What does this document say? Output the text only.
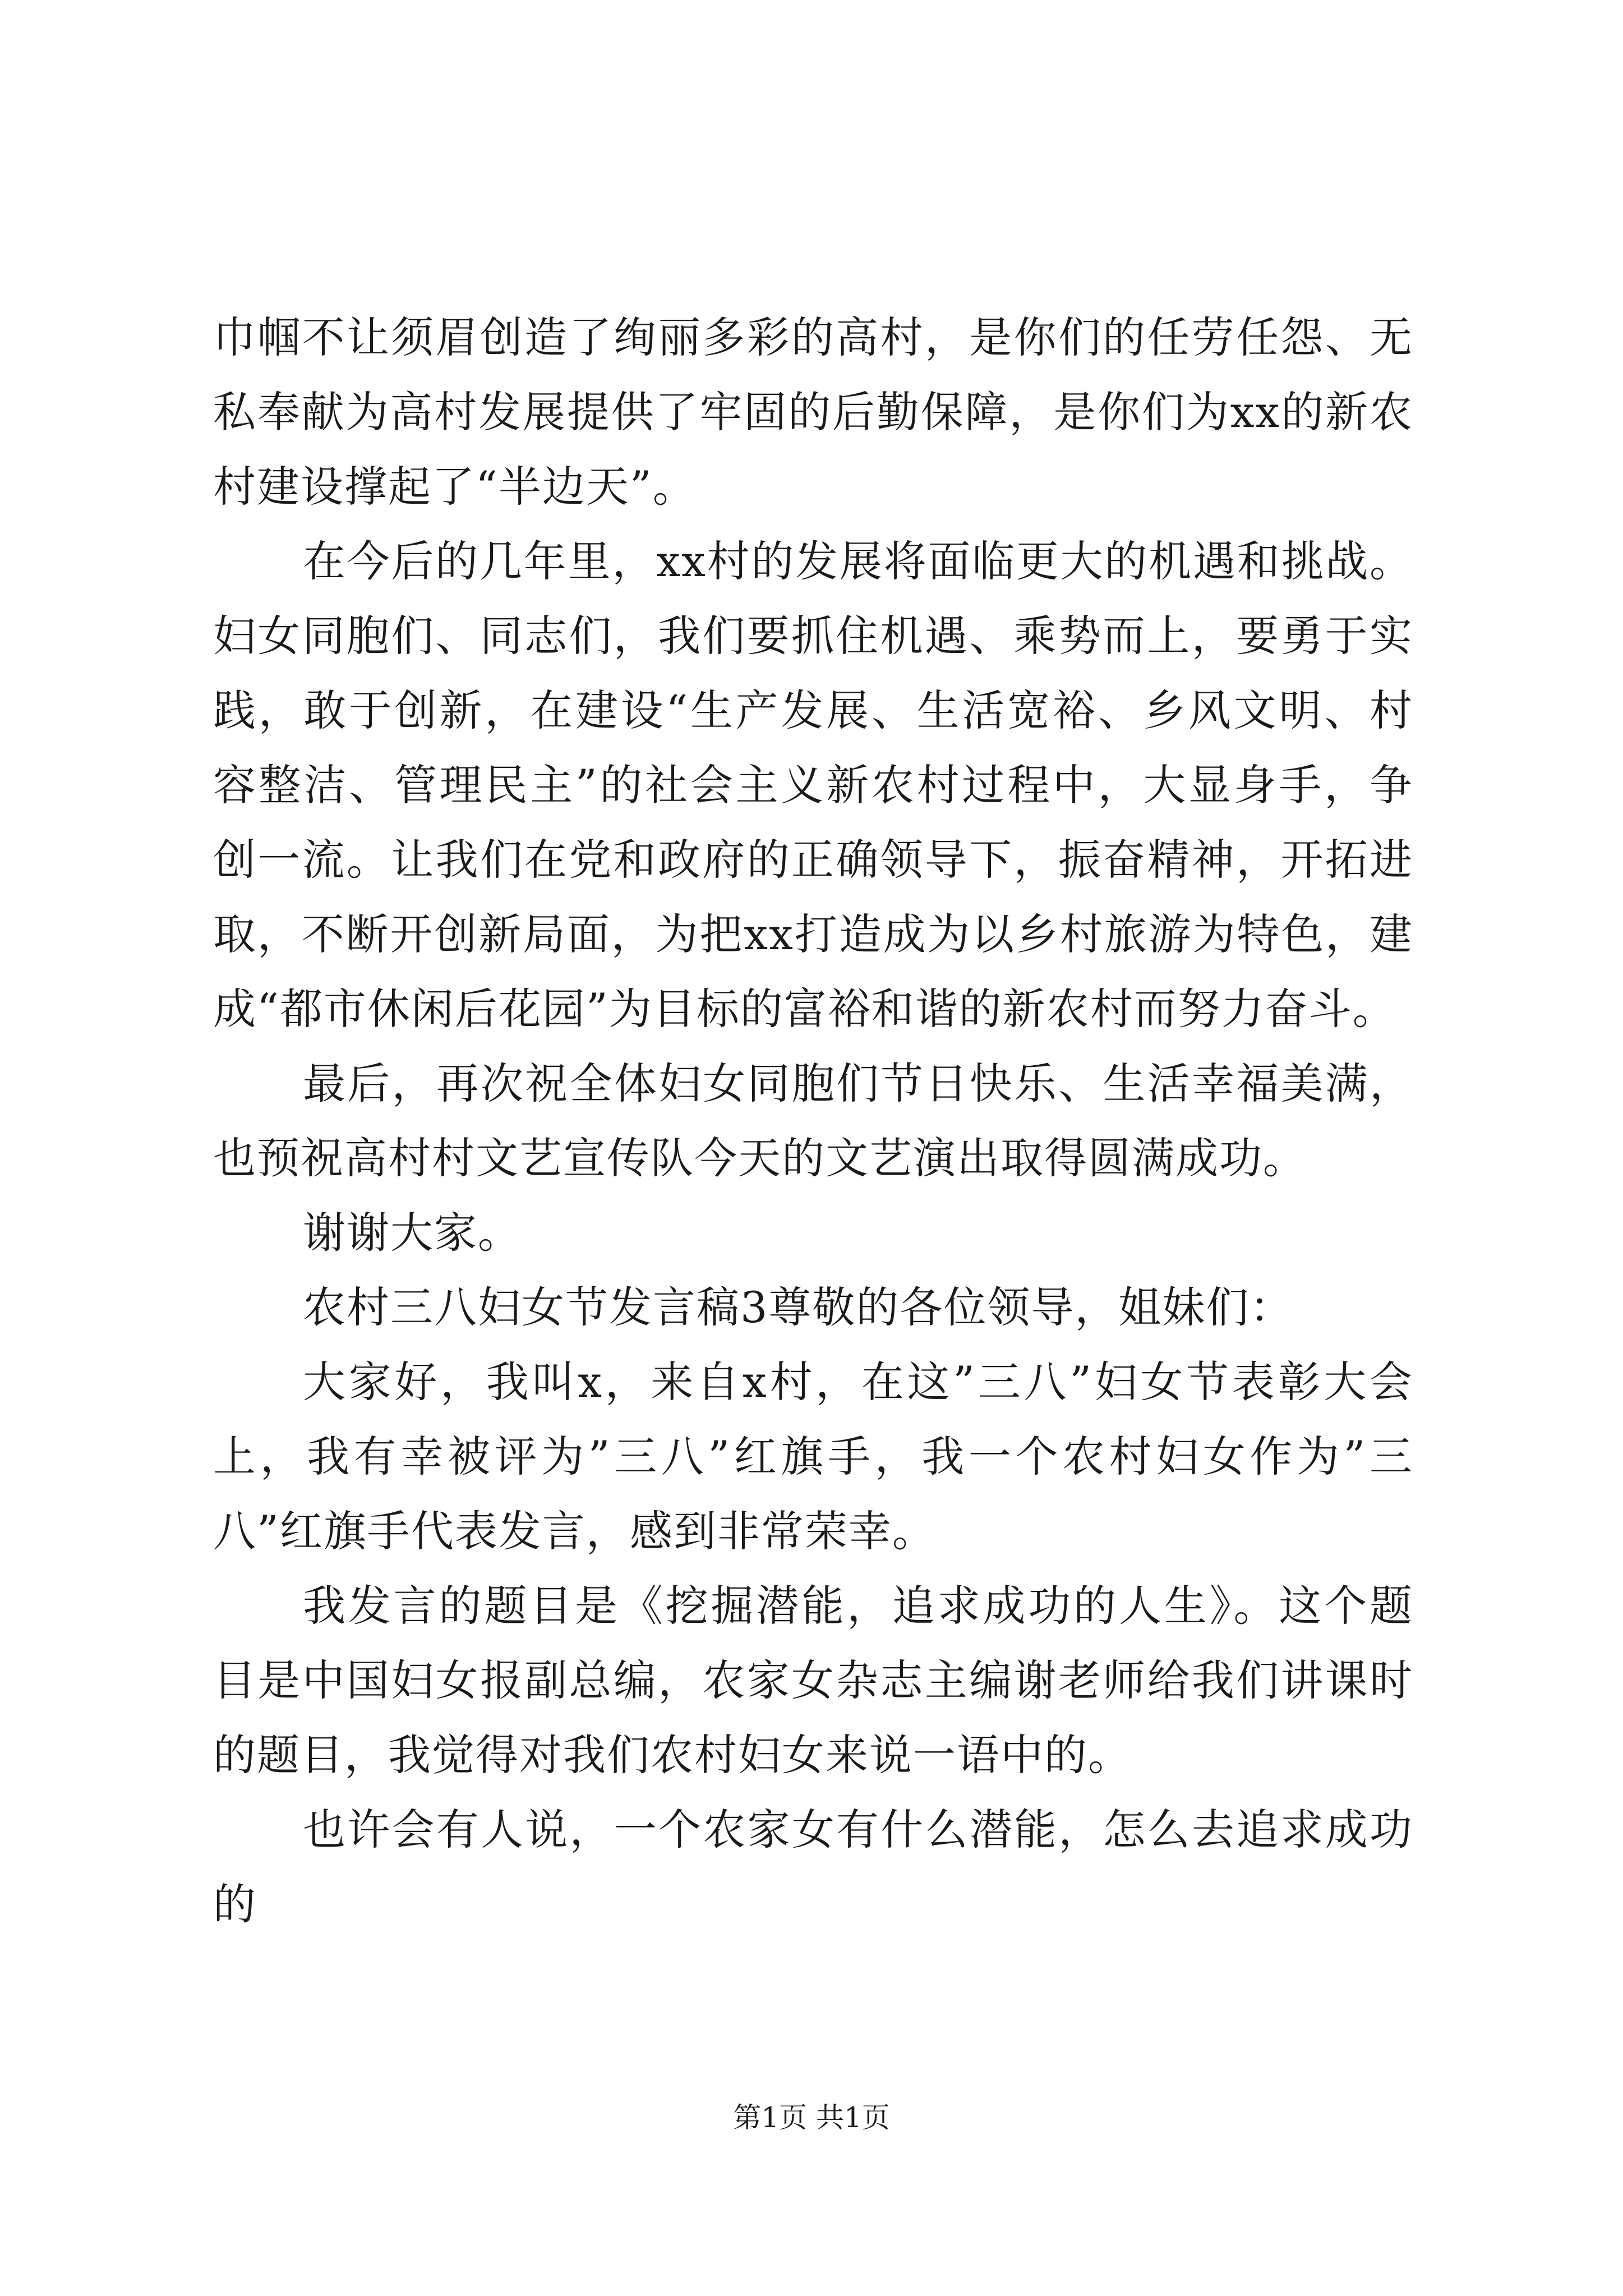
巾帼不让须眉创造了绚丽多彩的高村，是你们的任劳任怨、无私奉献为高村发展提供了牢固的后勤保障，是你们为xx的新农村建设撑起了“半边天”。

在今后的几年里，xx村的发展将面临更大的机遇和挑战。妇女同胞们、同志们，我们要抓住机遇、乘势而上，要勇于实践，敢于创新，在建设“生产发展、生活宽裕、乡风文明、村容整洁、管理民主”的社会主义新农村过程中，大显身手，争创一流。让我们在党和政府的正确领导下，振奋精神，开拓进取，不断开创新局面，为把xx打造成为以乡村旅游为特色，建成“都市休闲后花园”为目标的富裕和谐的新农村而努力奋斗。

最后，再次祝全体妇女同胞们节日快乐、生活幸福美满，也预祝高村村文艺宣传队今天的文艺演出取得圆满成功。

谢谢大家。

农村三八妇女节发言稿3尊敬的各位领导，姐妹们：

大家好，我叫x，来自x村，在这”三八”妇女节表彰大会上，我有幸被评为”三八”红旗手，我一个农村妇女作为”三八”红旗手代表发言，感到非常荣幸。

我发言的题目是《挖掘潜能，追求成功的人生》。这个题目是中国妇女报副总编，农家女杂志主编谢老师给我们讲课时的题目，我觉得对我们农村妇女来说一语中的。

也许会有人说，一个农家女有什么潜能，怎么去追求成功的

第1页 共1页
